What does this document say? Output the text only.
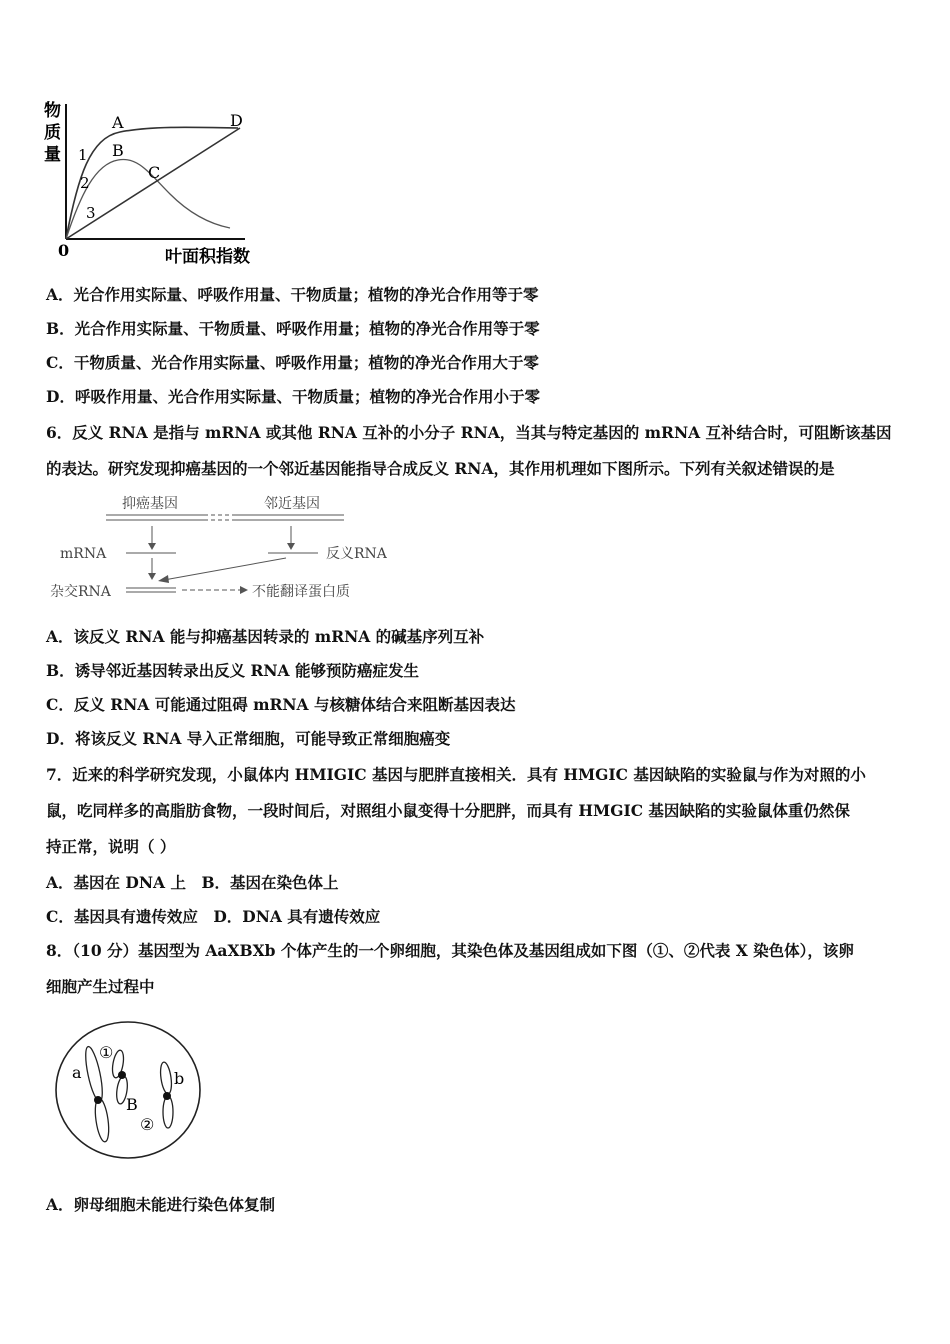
物
质
量
0	叶面积指数
A
B
C
D
1
2
3
A．光合作用实际量、呼吸作用量、干物质量；植物的净光合作用等于零
B．光合作用实际量、干物质量、呼吸作用量；植物的净光合作用等于零
C．干物质量、光合作用实际量、呼吸作用量；植物的净光合作用大于零
D．呼吸作用量、光合作用实际量、干物质量；植物的净光合作用小于零
6．反义 RNA 是指与 mRNA 或其他 RNA 互补的小分子 RNA，当其与特定基因的 mRNA 互补结合时，可阻断该基因
的表达。研究发现抑癌基因的一个邻近基因能指导合成反义 RNA，其作用机理如下图所示。下列有关叙述错误的是
抑癌基因	邻近基因
mRNA	反义RNA
杂交RNA	不能翻译蛋白质
A．该反义 RNA 能与抑癌基因转录的 mRNA 的碱基序列互补
B．诱导邻近基因转录出反义 RNA 能够预防癌症发生
C．反义 RNA 可能通过阻碍 mRNA 与核糖体结合来阻断基因表达
D．将该反义 RNA 导入正常细胞，可能导致正常细胞癌变
7．近来的科学研究发现，小鼠体内 HMIGIC 基因与肥胖直接相关．具有 HMGIC 基因缺陷的实验鼠与作为对照的小
鼠，吃同样多的高脂肪食物，一段时间后，对照组小鼠变得十分肥胖，而具有 HMGIC 基因缺陷的实验鼠体重仍然保
持正常，说明（ ）
A．基因在 DNA 上　B．基因在染色体上
C．基因具有遗传效应　D．DNA 具有遗传效应
8．（10 分）基因型为 AaXBXb 个体产生的一个卵细胞，其染色体及基因组成如下图（①、②代表 X 染色体），该卵
细胞产生过程中
a
B
b
①
②
A．卵母细胞未能进行染色体复制
